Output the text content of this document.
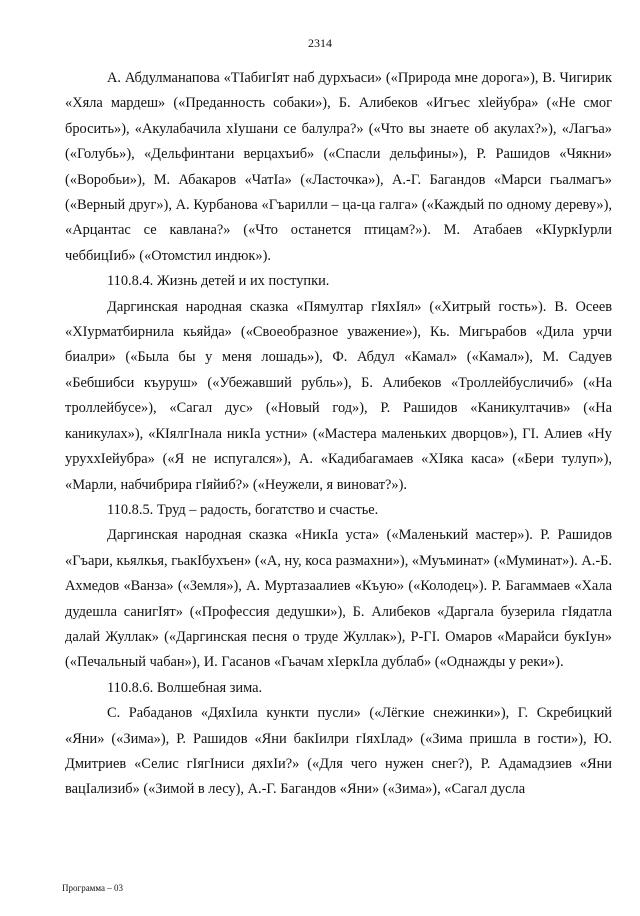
2314

А. Абдулманапова «ТIабигIят наб дурхъаси» («Природа мне дорога»), В. Чигирик «Хяла мардеш» («Преданность собаки»), Б. Алибеков «Игъес хlейубра» («Не смог бросить»), «Акулабачила хIушани се балулра?» («Что вы знаете об акулах?»), «Лагъа» («Голубь»), «Дельфинтани верцахъиб» («Спасли дельфины»), Р. Рашидов «Чякни» («Воробьи»), М. Абакаров «ЧатIа» («Ласточка»), А.-Г. Багандов «Марси гьалмагъ» («Верный друг»), А. Курбанова «Гъарилли – ца-ца галга» («Каждый по одному дереву»), «Арцантас се кавлана?» («Что останется птицам?»). М. Атабаев «КIуркIурли чеббицIиб» («Отомстил индюк»).

110.8.4. Жизнь детей и их поступки.

Даргинская народная сказка «Пямултар гIяхIял» («Хитрый гость»). В. Осеев «ХIурматбирнила кьяйда» («Своеобразное уважение»), Кь. Мигьрабов «Дила урчи биалри» («Была бы у меня лошадь»), Ф. Абдул «Камал» («Камал»), М. Садуев «Бебшибси къуруш» («Убежавший рубль»), Б. Алибеков «Троллейбусличиб» («На троллейбусе»), «Сагал дус» («Новый год»), Р. Рашидов «Каникултачив» («На каникулах»), «КIялгIнала никIа устни» («Мастера маленьких дворцов»), ГI. Алиев «Ну уруххIейубра» («Я не испугался»), А. «Кадибагамаев «ХIяка каса» («Бери тулуп»), «Марли, набчибрира гIяйиб?» («Неужели, я виноват?»).

110.8.5. Труд – радость, богатство и счастье.

Даргинская народная сказка «НикIа уста» («Маленький мастер»). Р. Рашидов «Гъари, кьялкья, гьакIбухъен» («А, ну, коса размахни»), «Муъминат» («Муминат»). А.-Б. Ахмедов «Ванза» («Земля»), А. Муртазаалиев «Къую» («Колодец»). Р. Багаммаев «Хала дудешла санигIят» («Профессия дедушки»), Б. Алибеков «Даргала бузерила гIядатла далай Жуллак» («Даргинская песня о труде Жуллак»), Р-ГI. Омаров «Марайси букIун» («Печальный чабан»), И. Гасанов «Гьачам хIеркIла дублаб» («Однажды у реки»).

110.8.6. Волшебная зима.

С. Рабаданов «ДяхIила кункти пусли» («Лёгкие снежинки»), Г. Скребицкий «Яни» («Зима»), Р. Рашидов «Яни бакIилри гIяхIлад» («Зима пришла в гости»), Ю. Дмитриев «Селис гIягIниси дяхIи?» («Для чего нужен снег?), Р. Адамадзиев «Яни вацIализиб» («Зимой в лесу), А.-Г. Багандов «Яни» («Зима»), «Сагал дусла

Программа – 03
